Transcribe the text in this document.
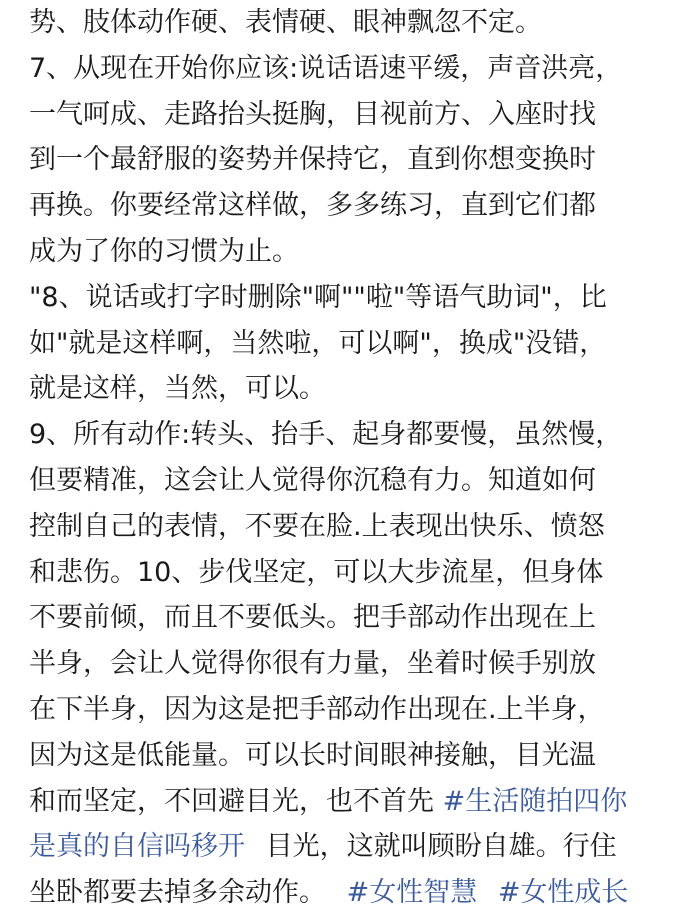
势、肢体动作硬、表情硬、眼神飘忽不定。
7、从现在开始你应该:说话语速平缓，声音洪亮，
一气呵成、走路抬头挺胸，目视前方、入座时找
到一个最舒服的姿势并保持它，直到你想变换时
再换。你要经常这样做，多多练习，直到它们都
成为了你的习惯为止。
"8、说话或打字时删除"啊""啦"等语气助词"，比
如"就是这样啊，当然啦，可以啊"，换成"没错，
就是这样，当然，可以。
9、所有动作:转头、抬手、起身都要慢，虽然慢，
但要精准，这会让人觉得你沉稳有力。知道如何
控制自己的表情，不要在脸.上表现出快乐、愤怒
和悲伤。10、步伐坚定，可以大步流星，但身体
不要前倾，而且不要低头。把手部动作出现在上
半身，会让人觉得你很有力量，坐着时候手别放
在下半身，因为这是把手部动作出现在.上半身，
因为这是低能量。可以长时间眼神接触，目光温
和而坚定，不回避目光，也不首先 #生活随拍四你
是真的自信吗移开 目光，这就叫顾盼自雄。行住
坐卧都要去掉多余动作。 #女性智慧 #女性成长
